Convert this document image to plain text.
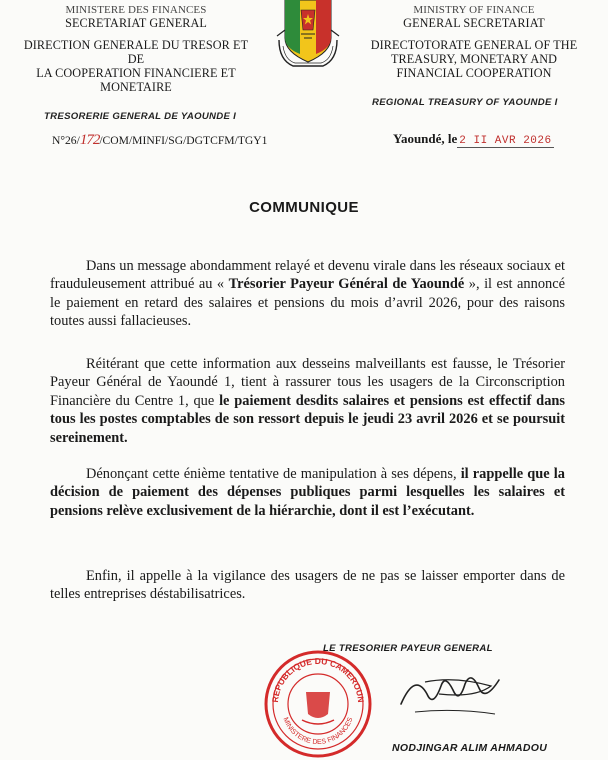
MINISTERE DES FINANCES
SECRETARIAT GENERAL
DIRECTION GENERALE DU TRESOR ET
DE
LA COOPERATION FINANCIERE ET
MONETAIRE
TRESORERIE GENERAL DE YAOUNDE I
N°26/172/COM/MINFI/SG/DGTCFM/TGY1
MINISTRY OF FINANCE
GENERAL SECRETARIAT
DIRECTOTORATE GENERAL OF THE
TREASURY, MONETARY AND
FINANCIAL COOPERATION
REGIONAL TREASURY OF YAOUNDE I
Yaoundé, le 2 II AVR 2026
COMMUNIQUE

Dans un message abondamment relayé et devenu virale dans les réseaux sociaux et frauduleusement attribué au « Trésorier Payeur Général de Yaoundé », il est annoncé le paiement en retard des salaires et pensions du mois d’avril 2026, pour des raisons toutes aussi fallacieuses.

Réitérant que cette information aux desseins malveillants est fausse, le Trésorier Payeur Général de Yaoundé 1, tient à rassurer tous les usagers de la Circonscription Financière du Centre 1, que le paiement desdits salaires et pensions est effectif dans tous les postes comptables de son ressort depuis le jeudi 23 avril 2026 et se poursuit sereinement.

Dénonçant cette énième tentative de manipulation à ses dépens, il rappelle que la décision de paiement des dépenses publiques parmi lesquelles les salaires et pensions relève exclusivement de la hiérarchie, dont il est l’exécutant.

Enfin, il appelle à la vigilance des usagers de ne pas se laisser emporter dans de telles entreprises déstabilisatrices.

LE TRESORIER PAYEUR GENERAL
REPUBLIQUE DU CAMEROUN
MINISTERE DES FINANCES
NODJINGAR ALIM AHMADOU
